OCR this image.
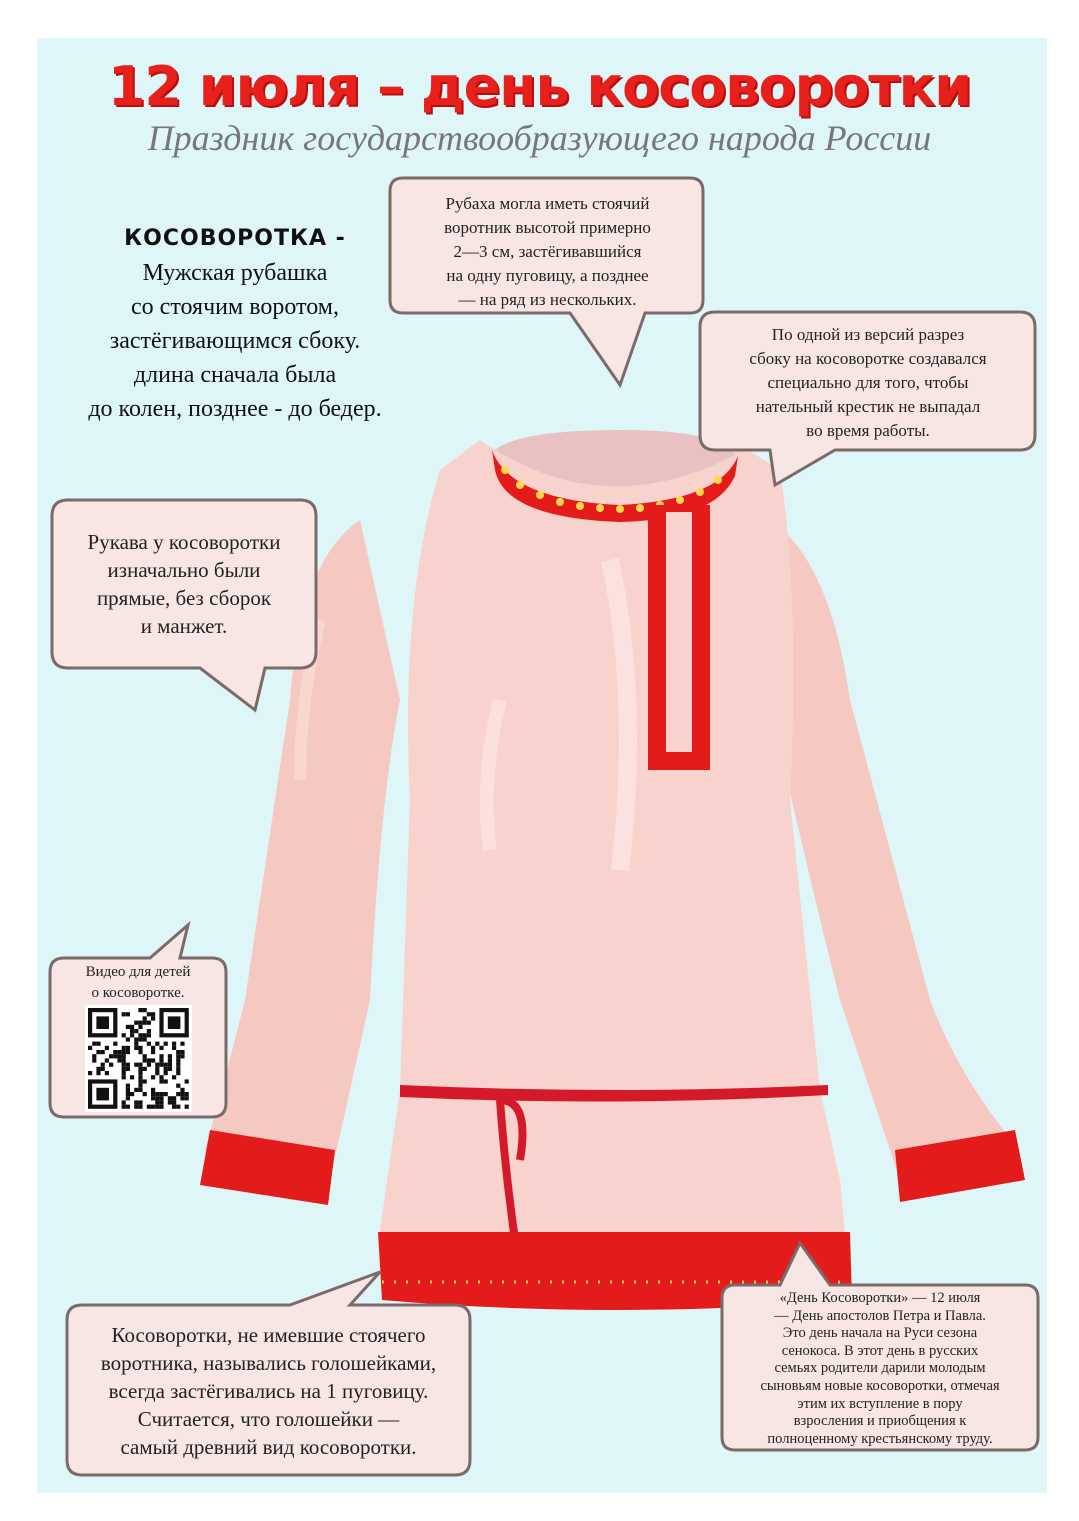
12 июля – день косоворотки
Праздник государствообразующего народа России
КОСОВОРОТКА -
Мужская рубашка
со стоячим воротом,
застёгивающимся сбоку.
длина сначала была
до колен, позднее - до бедер.
Рубаха могла иметь стоячий
воротник высотой примерно
2—3 см, застёгивавшийся
на одну пуговицу, а позднее
— на ряд из нескольких.
По одной из версий разрез
сбоку на косоворотке создавался
специально для того, чтобы
нательный крестик не выпадал
во время работы.
Рукава у косоворотки
изначально были
прямые, без сборок
и манжет.
Видео для детей
о косоворотке.
Косоворотки, не имевшие стоячего
воротника, назывались голошейками,
всегда застёгивались на 1 пуговицу.
Считается, что голошейки —
самый древний вид косоворотки.
«День Косоворотки» — 12 июля
— День апостолов Петра и Павла.
Это день начала на Руси сезона
сенокоса. В этот день в русских
семьях родители дарили молодым
сыновьям новые косоворотки, отмечая
этим их вступление в пору
взросления и приобщения к
полноценному крестьянскому труду.
